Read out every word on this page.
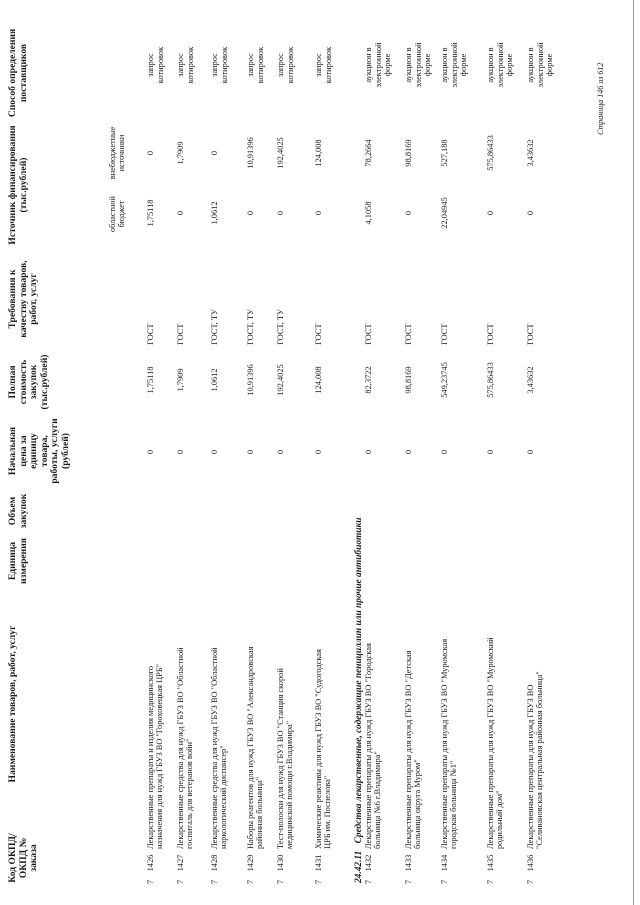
Код ОКПД/ ОКПД № заказа
Наименование товаров, работ, услуг
Единица измерения
Объем закупок
Начальная цена за единицу товара, работы, услуги (рублей)
Полная стоимость закупок (тыс.рублей)
Требования к качеству товаров, работ, услуг
Источник финансирования (тыс.рублей)
Способ определения поставщиков
областной бюджет
внебюджетные источники
24.42.11 Средства лекарственные, содержащие пенициллин или прочие антибиотики
7
1426
Лекарственные препараты и изделия медицинского назначения для нужд ГБУЗ ВО "Гороховецкая ЦРБ"
0
1,75118
ГОСТ
1,75118
0
запрос котировок
7
1427
Лекарственные средства для нужд ГБУЗ ВО "Областной госпиталь для ветеранов войн"
0
1,7909
ГОСТ
0
1,7909
запрос котировок
7
1428
Лекарственные средства для нужд ГБУЗ ВО "Областной наркологический диспансер"
0
1,0612
ГОСТ, ТУ
1,0612
0
запрос котировок
7
1429
Наборы реагентов для нужд ГБУЗ ВО "Александровская районная больница"
0
10,91396
ГОСТ, ТУ
0
10,91396
запрос котировок
7
1430
Тест-полоски для нужд ГБУЗ ВО "Станция скорой медицинской помощи г.Владимира"
0
192,4025
ГОСТ, ТУ
0
192,4025
запрос котировок
7
1431
Химические реактивы для нужд ГБУЗ ВО "Судогодская ЦРБ им. Поспелова"
0
124,008
ГОСТ
0
124,008
запрос котировок
7
1432
Лекарственные препараты для нужд ГБУЗ ВО "Городская больница №6 г.Владимира"
0
82,3722
ГОСТ
4,1058
78,2664
аукцион в электронной форме
7
1433
Лекарственные препараты для нужд ГБУЗ ВО "Детская больница округа Муром"
0
98,8169
ГОСТ
0
98,8169
аукцион в электронной форме
7
1434
Лекарственные препараты для нужд ГБУЗ ВО "Муромская городская больница №1"
0
549,23745
ГОСТ
22,04945
527,188
аукцион в электронной форме
7
1435
Лекарственные препараты для нужд ГБУЗ ВО "Муромский родильный дом"
0
575,86433
ГОСТ
0
575,86433
аукцион в электронной форме
7
1436
Лекарственные препараты для нужд ГБУЗ ВО "Селивановская центральная районная больница"
0
3,43632
ГОСТ
0
3,43632
аукцион в электронной форме	Страница 146 из 612
